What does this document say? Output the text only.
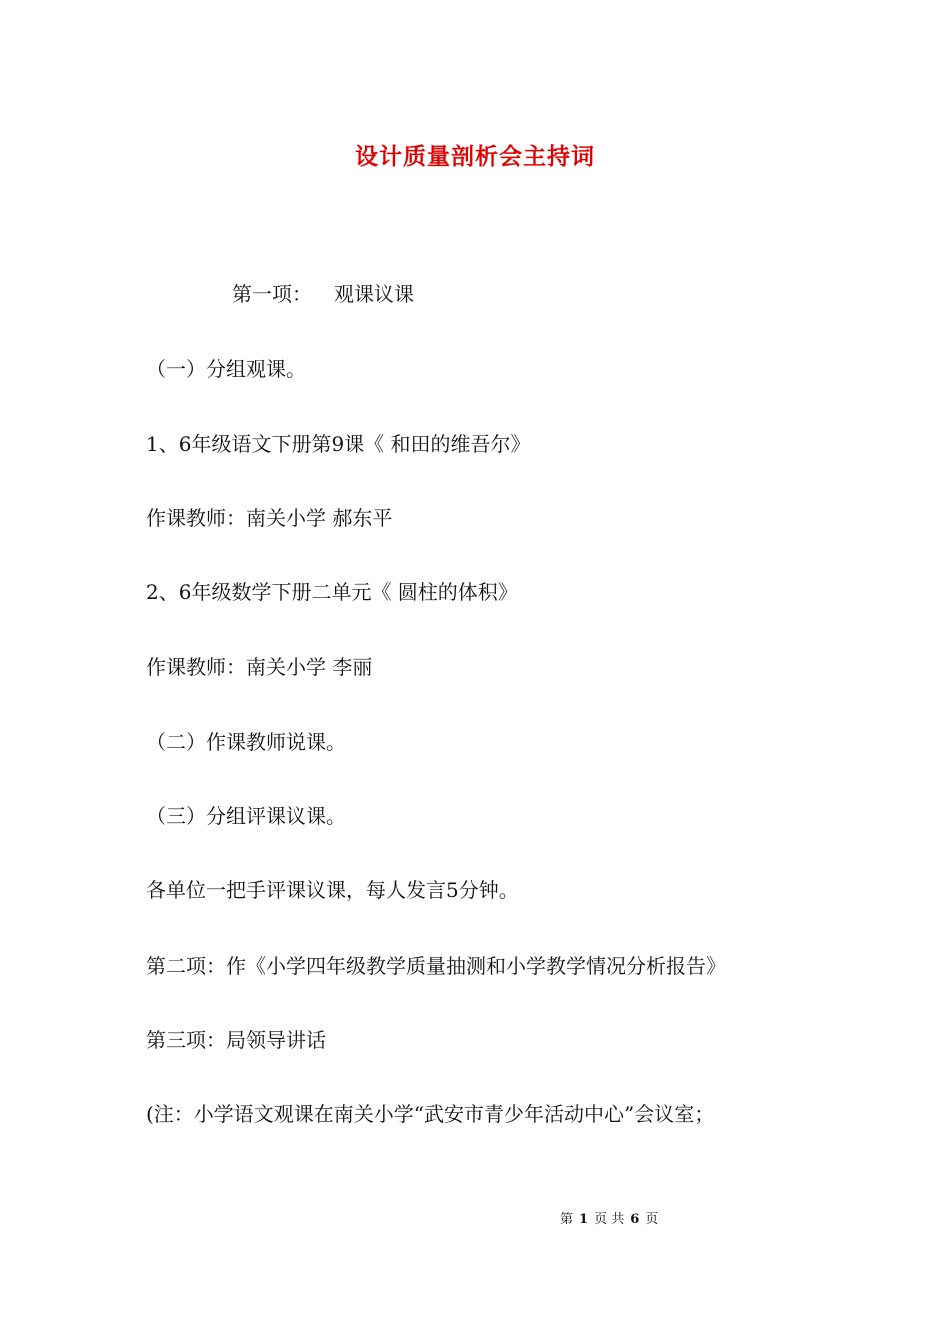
设计质量剖析会主持词
第一项： 观课议课
（一）分组观课。
1、6年级语文下册第9课《 和田的维吾尔》
作课教师：南关小学 郝东平
2、6年级数学下册二单元《 圆柱的体积》
作课教师：南关小学 李丽
（二）作课教师说课。
（三）分组评课议课。
各单位一把手评课议课，每人发言5分钟。
第二项：作《小学四年级教学质量抽测和小学教学情况分析报告》
第三项：局领导讲话
(注：小学语文观课在南关小学“武安市青少年活动中心”会议室；
第 1 页 共 6 页
